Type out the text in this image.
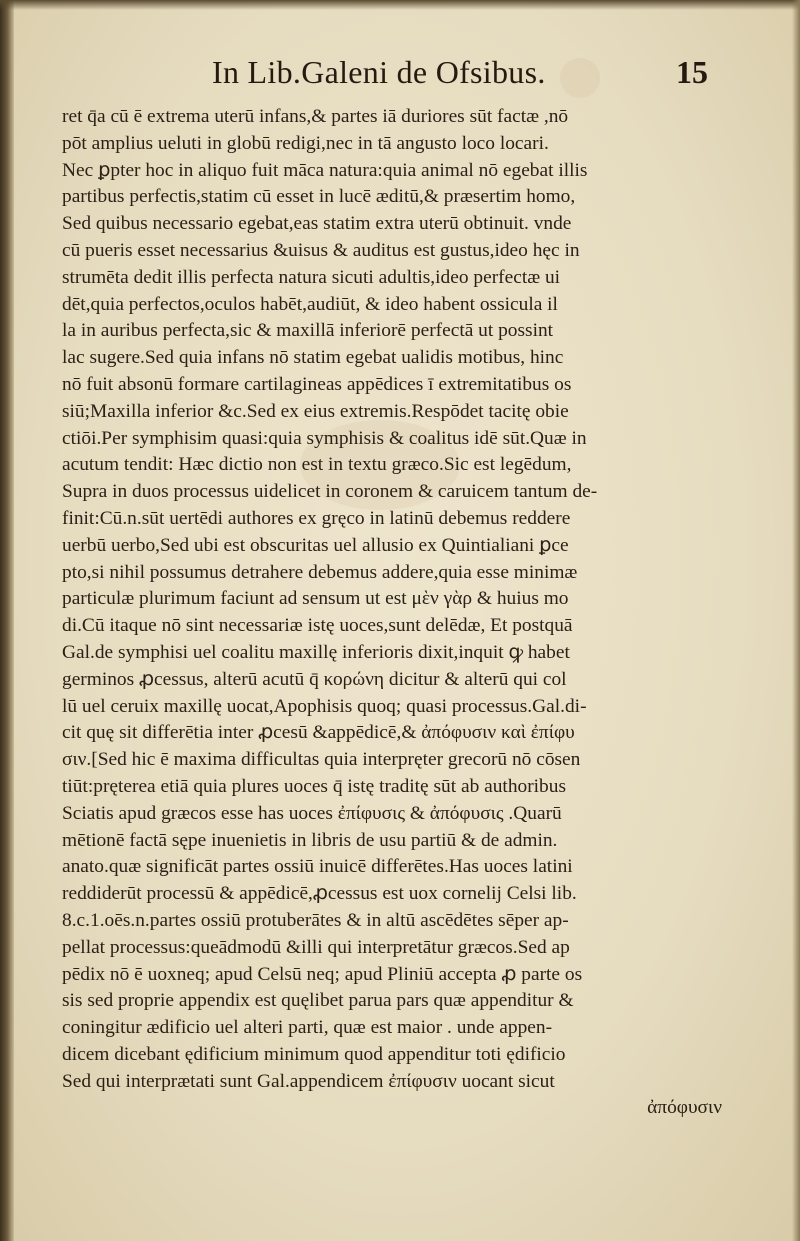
In Lib.Galeni de Ofsibus.	15
ret q̄a cū ē extrema uterū infans,& partes iā duriores sūt factæ ,nō
pōt amplius ueluti in globū redigi,nec in tā angusto loco locari.
Nec ꝑpter hoc in aliquo fuit māca natura:quia animal nō egebat illis
partibus perfectis,statim cū esset in lucē æditū,& præsertim homo,
Sed quibus necessario egebat,eas statim extra uterū obtinuit. vnde
cū pueris esset necessarius &uisus & auditus est gustus,ideo hęc in
strumēta dedit illis perfecta natura sicuti adultis,ideo perfectæ ui
dēt,quia perfectos,oculos habēt,audiūt, & ideo habent ossicula il
la in auribus perfecta,sic & maxillā inferiorē perfectā ut possint
lac sugere.Sed quia infans nō statim egebat ualidis motibus, hinc
nō fuit absonū formare cartilagineas appēdices ī extremitatibus os
siū;Maxilla inferior &c.Sed ex eius extremis.Respōdet tacitę obie
ctiōi.Per symphisim quasi:quia symphisis & coalitus idē sūt.Quæ in
acutum tendit: Hæc dictio non est in textu græco.Sic est legēdum,
Supra in duos processus uidelicet in coronem & caruicem tantum de-
finit:Cū.n.sūt uertēdi authores ex gręco in latinū debemus reddere
uerbū uerbo,Sed ubi est obscuritas uel allusio ex Quintialiani ꝑce
pto,si nihil possumus detrahere debemus addere,quia esse minimæ
particulæ plurimum faciunt ad sensum ut est μὲν γὰρ & huius mo
di.Cū itaque nō sint necessariæ istę uoces,sunt delēdæ, Et postquā
Gal.de symphisi uel coalitu maxillę inferioris dixit,inquit ꝙ habet
germinos ꝓcessus, alterū acutū q̄ κορώνη dicitur & alterū qui col
lū uel ceruix maxillę uocat,Apophisis quoq; quasi processus.Gal.di-
cit quę sit differētia inter ꝓcesū &appēdicē,& ἀπόφυσιν καὶ ἐπίφυ
σιν.[Sed hic ē maxima difficultas quia interpręter grecorū nō cōsen
tiūt:pręterea etiā quia plures uoces q̄ istę traditę sūt ab authoribus
Sciatis apud græcos esse has uoces ἐπίφυσις & ἀπόφυσις .Quarū
mētionē factā sępe inuenietis in libris de usu partiū & de admin.
anato.quæ significāt partes ossiū inuicē differētes.Has uoces latini
reddiderūt processū & appēdicē,ꝓcessus est uox cornelij Celsi lib.
8.c.1.oēs.n.partes ossiū protuberātes & in altū ascēdētes sēper ap-
pellat processus:queādmodū &illi qui interpretātur græcos.Sed ap
pēdix nō ē uoxneq; apud Celsū neq; apud Pliniū accepta ꝓ parte os
sis sed proprie appendix est quęlibet parua pars quæ appenditur &
coningitur ædificio uel alteri parti, quæ est maior . unde appen-
dicem dicebant ędificium minimum quod appenditur toti ędificio
Sed qui interprætati sunt Gal.appendicem ἐπίφυσιν uocant sicut
ἀπόφυσιν
